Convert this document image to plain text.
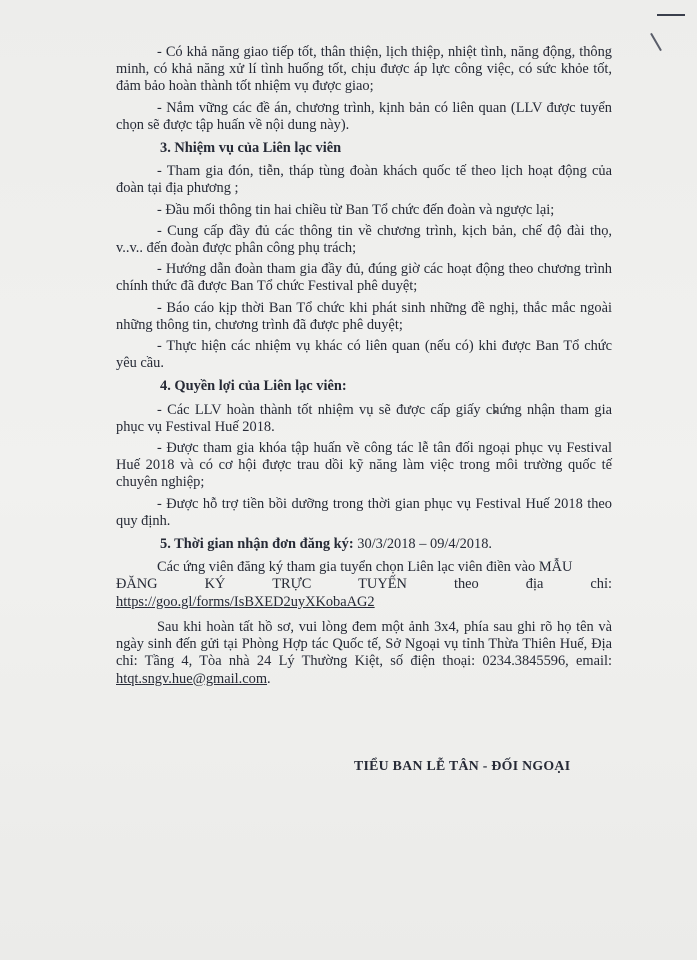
- Có khả năng giao tiếp tốt, thân thiện, lịch thiệp, nhiệt tình, năng động, thông minh, có khả năng xử lí tình huống tốt, chịu được áp lực công việc, có sức khỏe tốt, đảm bảo hoàn thành tốt nhiệm vụ được giao;

- Nắm vững các đề án, chương trình, kịnh bản có liên quan (LLV được tuyển chọn sẽ được tập huấn về nội dung này).

3. Nhiệm vụ của Liên lạc viên

- Tham gia đón, tiễn, tháp tùng đoàn khách quốc tế theo lịch hoạt động của đoàn tại địa phương ;

- Đầu mối thông tin hai chiều từ Ban Tổ chức đến đoàn và ngược lại;

- Cung cấp đầy đủ các thông tin về chương trình, kịch bản, chế độ đài thọ, v..v.. đến đoàn được phân công phụ trách;

- Hướng dẫn đoàn tham gia đầy đủ, đúng giờ các hoạt động theo chương trình chính thức đã được Ban Tổ chức Festival phê duyệt;

- Báo cáo kịp thời Ban Tổ chức khi phát sinh những đề nghị, thắc mắc ngoài những thông tin, chương trình đã được phê duyệt;

- Thực hiện các nhiệm vụ khác có liên quan (nếu có) khi được Ban Tổ chức yêu cầu.

4. Quyền lợi của Liên lạc viên:

- Các LLV hoàn thành tốt nhiệm vụ sẽ được cấp giấy chứng nhận tham gia phục vụ Festival Huế 2018.

- Được tham gia khóa tập huấn về công tác lễ tân đối ngoại phục vụ Festival Huế 2018 và có cơ hội được trau dồi kỹ năng làm việc trong môi trường quốc tế chuyên nghiệp;

- Được hỗ trợ tiền bồi dưỡng trong thời gian phục vụ Festival Huế 2018 theo quy định.

5. Thời gian nhận đơn đăng ký: 30/3/2018 – 09/4/2018.

Các ứng viên đăng ký tham gia tuyển chọn Liên lạc viên điền vào MẪU

ĐĂNG KÝ TRỰC TUYẾN theo địa chỉ:

https://goo.gl/forms/IsBXED2uyXKobaAG2

Sau khi hoàn tất hồ sơ, vui lòng đem một ảnh 3x4, phía sau ghi rõ họ tên và ngày sinh đến gửi tại Phòng Hợp tác Quốc tế, Sở Ngoại vụ tỉnh Thừa Thiên Huế, Địa chỉ: Tầng 4, Tòa nhà 24 Lý Thường Kiệt, số điện thoại: 0234.3845596, email: htqt.sngv.hue@gmail.com.

TIỂU BAN LỄ TÂN - ĐỐI NGOẠI
